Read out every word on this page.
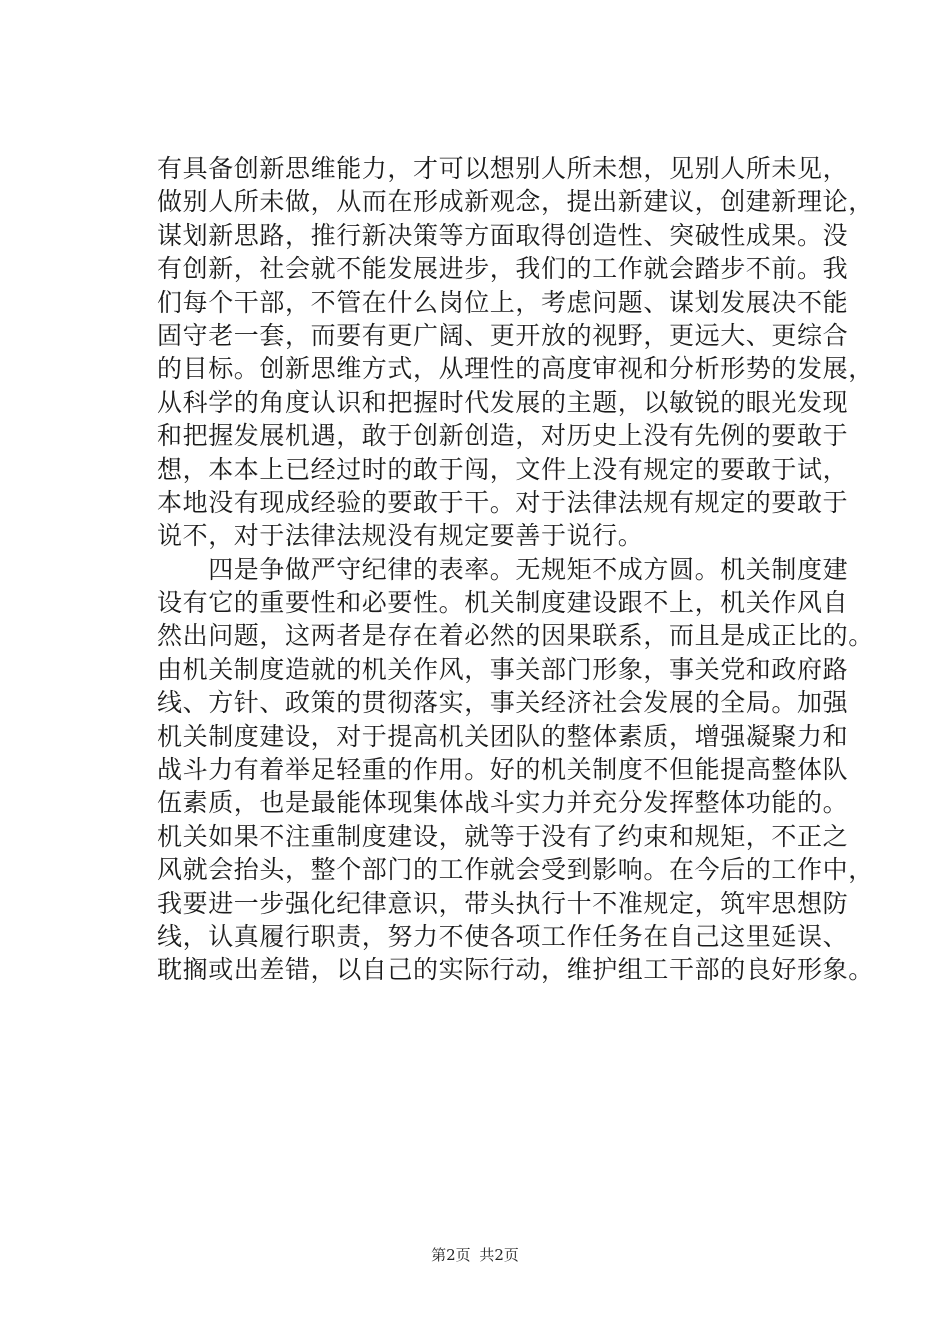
有具备创新思维能力，才可以想别人所未想，见别人所未见，
做别人所未做，从而在形成新观念，提出新建议，创建新理论，
谋划新思路，推行新决策等方面取得创造性、突破性成果。没
有创新，社会就不能发展进步，我们的工作就会踏步不前。我
们每个干部，不管在什么岗位上，考虑问题、谋划发展决不能
固守老一套，而要有更广阔、更开放的视野，更远大、更综合
的目标。创新思维方式，从理性的高度审视和分析形势的发展，
从科学的角度认识和把握时代发展的主题，以敏锐的眼光发现
和把握发展机遇，敢于创新创造，对历史上没有先例的要敢于
想，本本上已经过时的敢于闯，文件上没有规定的要敢于试，
本地没有现成经验的要敢于干。对于法律法规有规定的要敢于
说不，对于法律法规没有规定要善于说行。
　　四是争做严守纪律的表率。无规矩不成方圆。机关制度建
设有它的重要性和必要性。机关制度建设跟不上，机关作风自
然出问题，这两者是存在着必然的因果联系，而且是成正比的。
由机关制度造就的机关作风，事关部门形象，事关党和政府路
线、方针、政策的贯彻落实，事关经济社会发展的全局。加强
机关制度建设，对于提高机关团队的整体素质，增强凝聚力和
战斗力有着举足轻重的作用。好的机关制度不但能提高整体队
伍素质，也是最能体现集体战斗实力并充分发挥整体功能的。
机关如果不注重制度建设，就等于没有了约束和规矩，不正之
风就会抬头，整个部门的工作就会受到影响。在今后的工作中，
我要进一步强化纪律意识，带头执行十不准规定，筑牢思想防
线，认真履行职责，努力不使各项工作任务在自己这里延误、
耽搁或出差错，以自己的实际行动，维护组工干部的良好形象。
第2页 共2页
